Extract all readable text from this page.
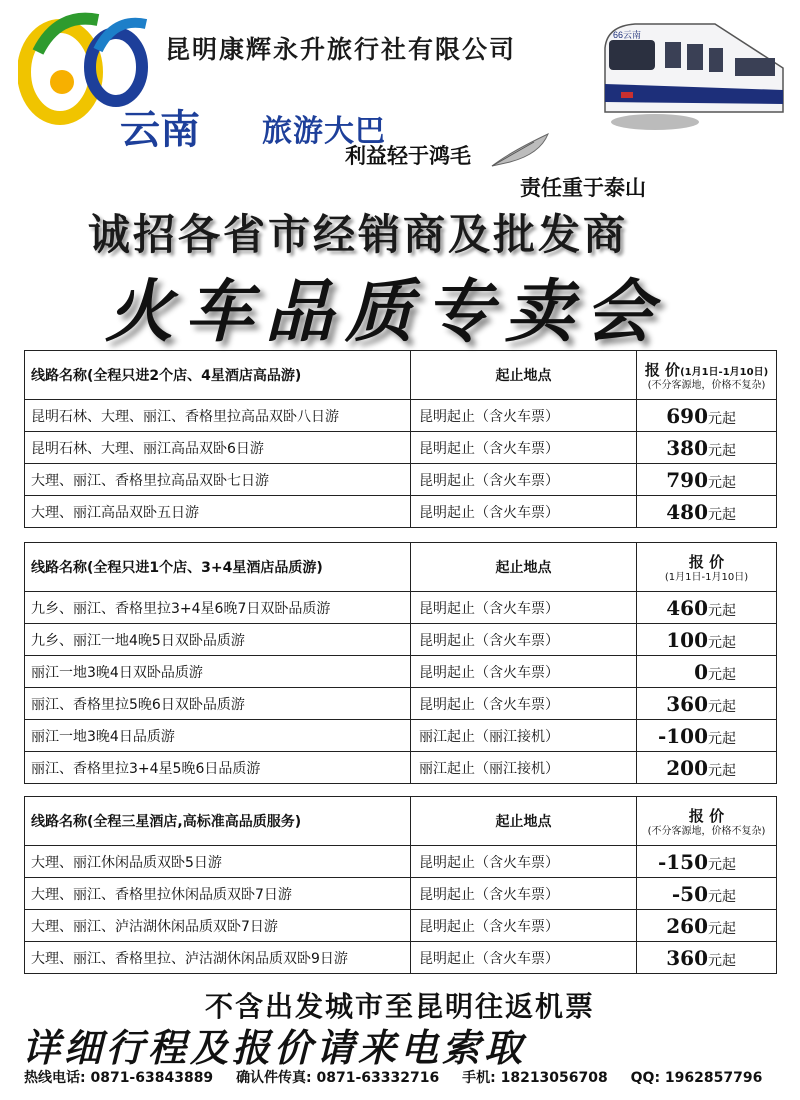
云南
昆明康辉永升旅行社有限公司
旅游大巴
利益轻于鸿毛
责任重于泰山
66云南
诚招各省市经销商及批发商
火车品质专卖会
线路名称(全程只进2个店、4星酒店高品游)	起止地点	报 价(1月1日-1月10日)
(不分客源地，价格不复杂)

昆明石林、大理、丽江、香格里拉高品双卧八日游	昆明起止（含火车票）	690元起
昆明石林、大理、丽江高品双卧6日游	昆明起止（含火车票）	380元起
大理、丽江、香格里拉高品双卧七日游	昆明起止（含火车票）	790元起
大理、丽江高品双卧五日游	昆明起止（含火车票）	480元起
线路名称(全程只进1个店、3+4星酒店品质游)	起止地点	报 价
(1月1日-1月10日)

九乡、丽江、香格里拉3+4星6晚7日双卧品质游	昆明起止（含火车票）	460元起
九乡、丽江一地4晚5日双卧品质游	昆明起止（含火车票）	100元起
丽江一地3晚4日双卧品质游	昆明起止（含火车票）	0元起
丽江、香格里拉5晚6日双卧品质游	昆明起止（含火车票）	360元起
丽江一地3晚4日品质游	丽江起止（丽江接机）	-100元起
丽江、香格里拉3+4星5晚6日品质游	丽江起止（丽江接机）	200元起
线路名称(全程三星酒店,高标准高品质服务)	起止地点	报 价
(不分客源地，价格不复杂)

大理、丽江休闲品质双卧5日游	昆明起止（含火车票）	-150元起
大理、丽江、香格里拉休闲品质双卧7日游	昆明起止（含火车票）	-50元起
大理、丽江、泸沽湖休闲品质双卧7日游	昆明起止（含火车票）	260元起
大理、丽江、香格里拉、泸沽湖休闲品质双卧9日游	昆明起止（含火车票）	360元起
不含出发城市至昆明往返机票
详细行程及报价请来电索取
热线电话: 0871-63843889 确认件传真: 0871-63332716 手机: 18213056708 QQ: 1962857796
